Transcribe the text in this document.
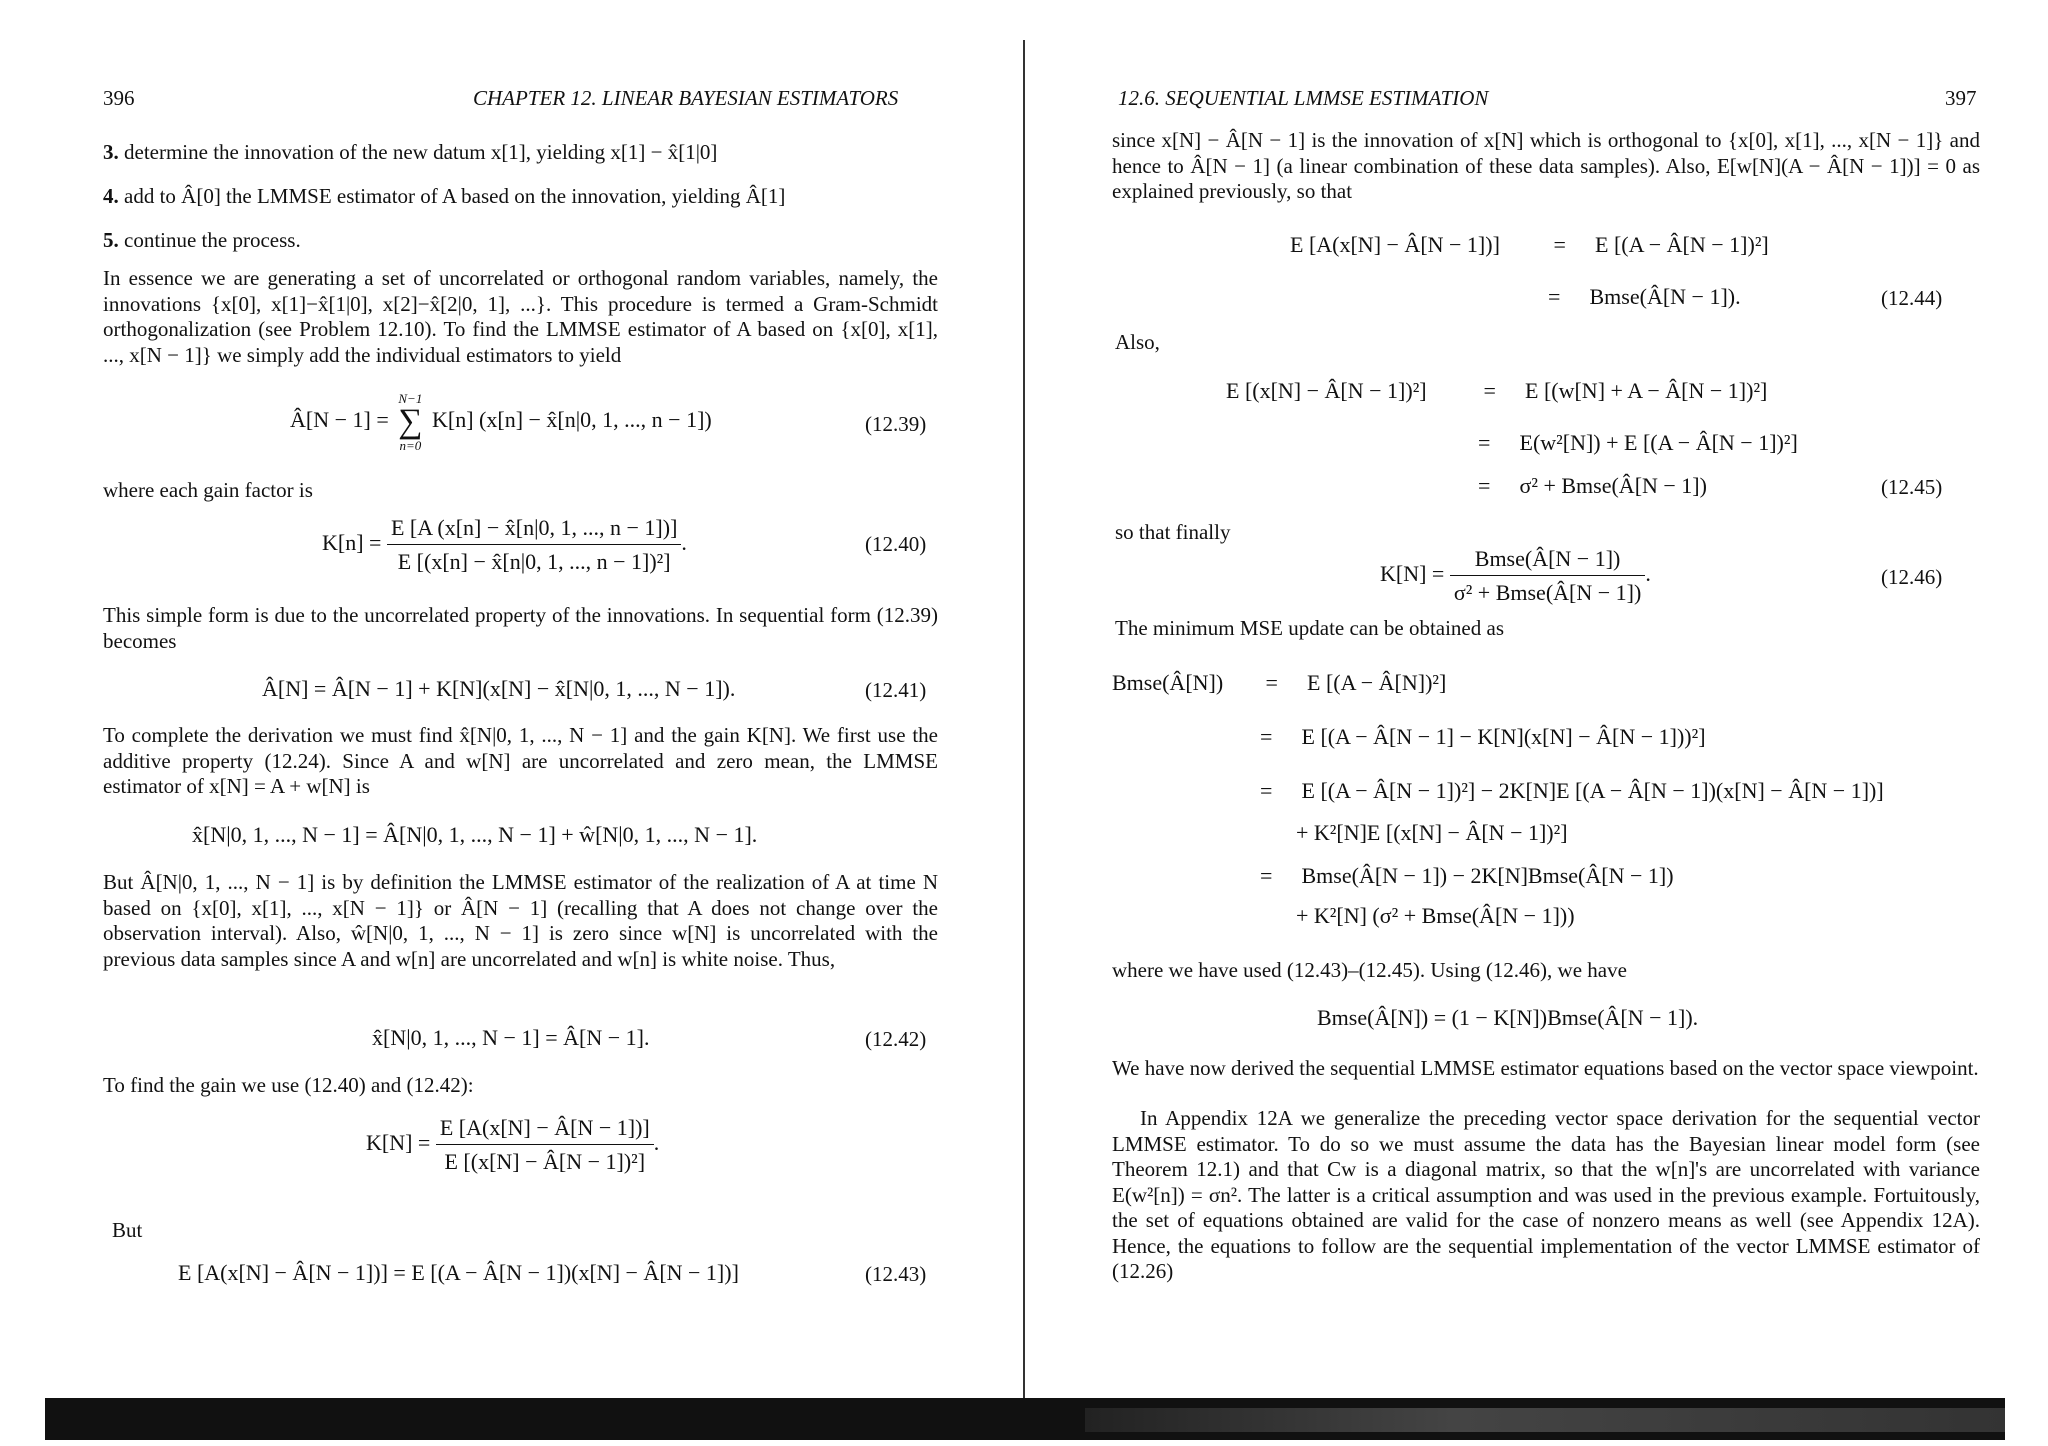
396	CHAPTER 12. LINEAR BAYESIAN ESTIMATORS
3. determine the innovation of the new datum x[1], yielding x[1] − x̂[1|0]
4. add to Â[0] the LMMSE estimator of A based on the innovation, yielding Â[1]
5. continue the process.
In essence we are generating a set of uncorrelated or orthogonal random variables, namely, the innovations {x[0], x[1]−x̂[1|0], x[2]−x̂[2|0, 1], ...}. This procedure is termed a Gram-Schmidt orthogonalization (see Problem 12.10). To find the LMMSE estimator of A based on {x[0], x[1], ..., x[N − 1]} we simply add the individual estimators to yield
Â[N − 1] =
N−1
∑
n=0
K[n] (x[n] − x̂[n|0, 1, ..., n − 1])	(12.39)
where each gain factor is
$K[n] = \frac{E [A (x[n] - x̂[n|0, 1, ..., n - 1])]}{\text{E [(x[n] − x̂[n|0, 1, ..., n − 1])²]}}$ .	(12.40)
This simple form is due to the uncorrelated property of the innovations. In sequential form (12.39) becomes
Â[N] = Â[N − 1] + K[N](x[N] − x̂[N|0, 1, ..., N − 1]).	(12.41)
To complete the derivation we must find x̂[N|0, 1, ..., N − 1] and the gain K[N]. We first use the additive property (12.24). Since A and w[N] are uncorrelated and zero mean, the LMMSE estimator of x[N] = A + w[N] is
x̂[N|0, 1, ..., N − 1] = Â[N|0, 1, ..., N − 1] + ŵ[N|0, 1, ..., N − 1].
But Â[N|0, 1, ..., N − 1] is by definition the LMMSE estimator of the realization of A at time N based on {x[0], x[1], ..., x[N − 1]} or Â[N − 1] (recalling that A does not change over the observation interval). Also, ŵ[N|0, 1, ..., N − 1] is zero since w[N] is uncorrelated with the previous data samples since A and w[n] are uncorrelated and w[n] is white noise. Thus,
x̂[N|0, 1, ..., N − 1] = Â[N − 1].	(12.42)
To find the gain we use (12.40) and (12.42):
$K[N] = \frac{E [A(x[N] - Â[N - 1])]}{\text{E [(x[N] − Â[N − 1])²]}}$ .
But
E [A(x[N] − Â[N − 1])] = E [(A − Â[N − 1])(x[N] − Â[N − 1])]	(12.43)
12.6. SEQUENTIAL LMMSE ESTIMATION	397
since x[N] − Â[N − 1] is the innovation of x[N] which is orthogonal to {x[0], x[1], ..., x[N − 1]} and hence to Â[N − 1] (a linear combination of these data samples). Also, E[w[N](A − Â[N − 1])] = 0 as explained previously, so that
E [A(x[N] − Â[N − 1])] = E [(A − Â[N − 1])²]
= Bmse(Â[N − 1]).	(12.44)
Also,
E [(x[N] − Â[N − 1])²]	= E [(w[N] + A − Â[N − 1])²]
= E(w²[N]) + E [(A − Â[N − 1])²]
= σ² + Bmse(Â[N − 1])	(12.45)
so that finally
$K[N] = \frac{\text{Bmse(Â[N − 1])}}{\text{σ² + Bmse(Â[N − 1])}}$ .	(12.46)
The minimum MSE update can be obtained as
Bmse(Â[N]) = E [(A − Â[N])²]
= E [(A − Â[N − 1] − K[N](x[N] − Â[N − 1]))²]
= E [(A − Â[N − 1])²] − 2K[N]E [(A − Â[N − 1])(x[N] − Â[N − 1])]
+ K²[N]E [(x[N] − Â[N − 1])²]
= Bmse(Â[N − 1]) − 2K[N]Bmse(Â[N − 1])
+ K²[N] (σ² + Bmse(Â[N − 1]))
where we have used (12.43)–(12.45). Using (12.46), we have
Bmse(Â[N]) = (1 − K[N])Bmse(Â[N − 1]).
We have now derived the sequential LMMSE estimator equations based on the vector space viewpoint.
In Appendix 12A we generalize the preceding vector space derivation for the sequential vector LMMSE estimator. To do so we must assume the data has the Bayesian linear model form (see Theorem 12.1) and that Cw is a diagonal matrix, so that the w[n]'s are uncorrelated with variance E(w²[n]) = σn². The latter is a critical assumption and was used in the previous example. Fortuitously, the set of equations obtained are valid for the case of nonzero means as well (see Appendix 12A). Hence, the equations to follow are the sequential implementation of the vector LMMSE estimator of (12.26)
